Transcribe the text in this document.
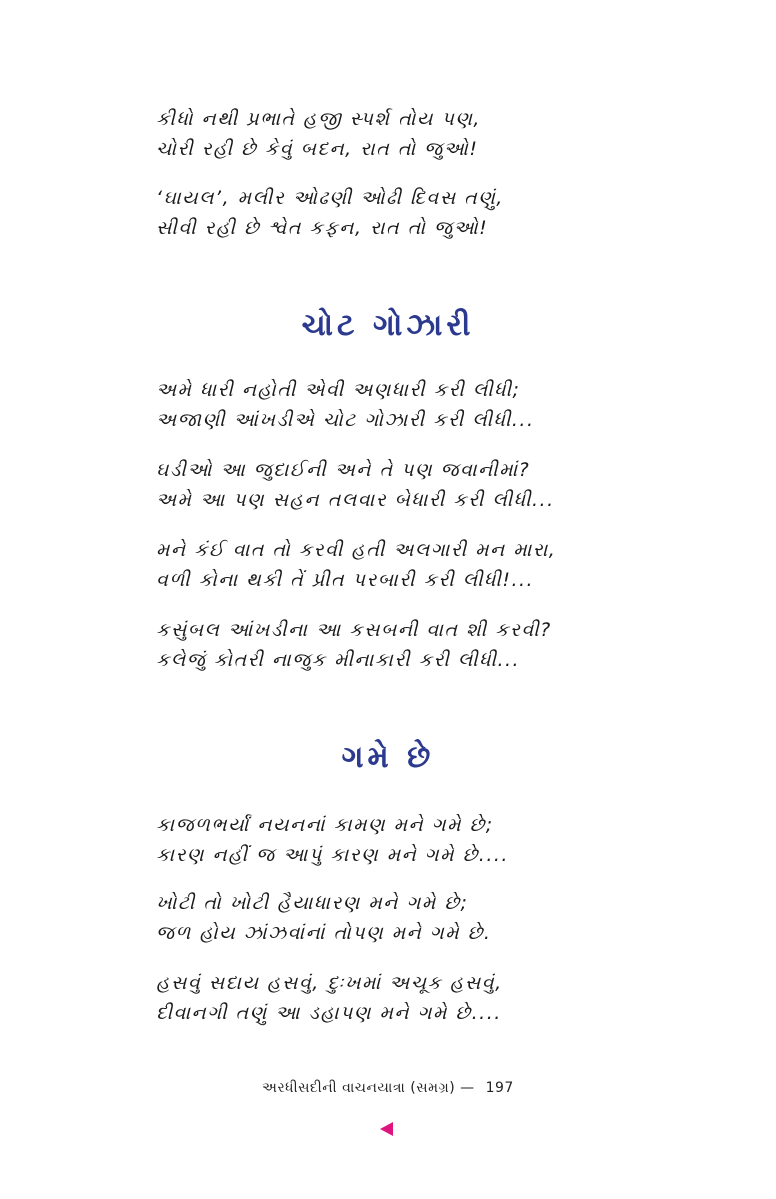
કીધો નથી પ્રભાતે હજી સ્પર્શ તોય પણ,
ચોરી રહી છે કેવું બદન, રાત તો જુઓ!
‘ઘાયલ’, મલીર ઓઢણી ઓઢી દિવસ તણું,
સીવી રહી છે શ્વેત કફન, રાત તો જુઓ!
ચોટ ગોઝારી
અમે ધારી નહોતી એવી અણધારી કરી લીધી;
અજાણી આંખડીએ ચોટ ગોઝારી કરી લીધી...
ઘડીઓ આ જુદાઈની અને તે પણ જવાનીમાં?
અમે આ પણ સહન તલવાર બેધારી કરી લીધી...
મને કંઈ વાત તો કરવી હતી અલગારી મન મારા,
વળી કોના થકી તેં પ્રીત પરબારી કરી લીધી!...
કસુંબલ આંખડીના આ કસબની વાત શી કરવી?
કલેજું કોતરી નાજુક મીનાકારી કરી લીધી...
ગમે છે
કાજળભર્યાં નયનનાં કામણ મને ગમે છે;
કારણ નહીં જ આપું કારણ મને ગમે છે....
ખોટી તો ખોટી હૈયાધારણ મને ગમે છે;
જળ હોય ઝાંઝવાંનાં તોપણ મને ગમે છે.
હસવું સદાય હસવું, દુઃખમાં અચૂક હસવું,
દીવાનગી તણું આ ડહાપણ મને ગમે છે....
અરધીસદીની વાચનયાત્રા (સમગ્ર) — 197
